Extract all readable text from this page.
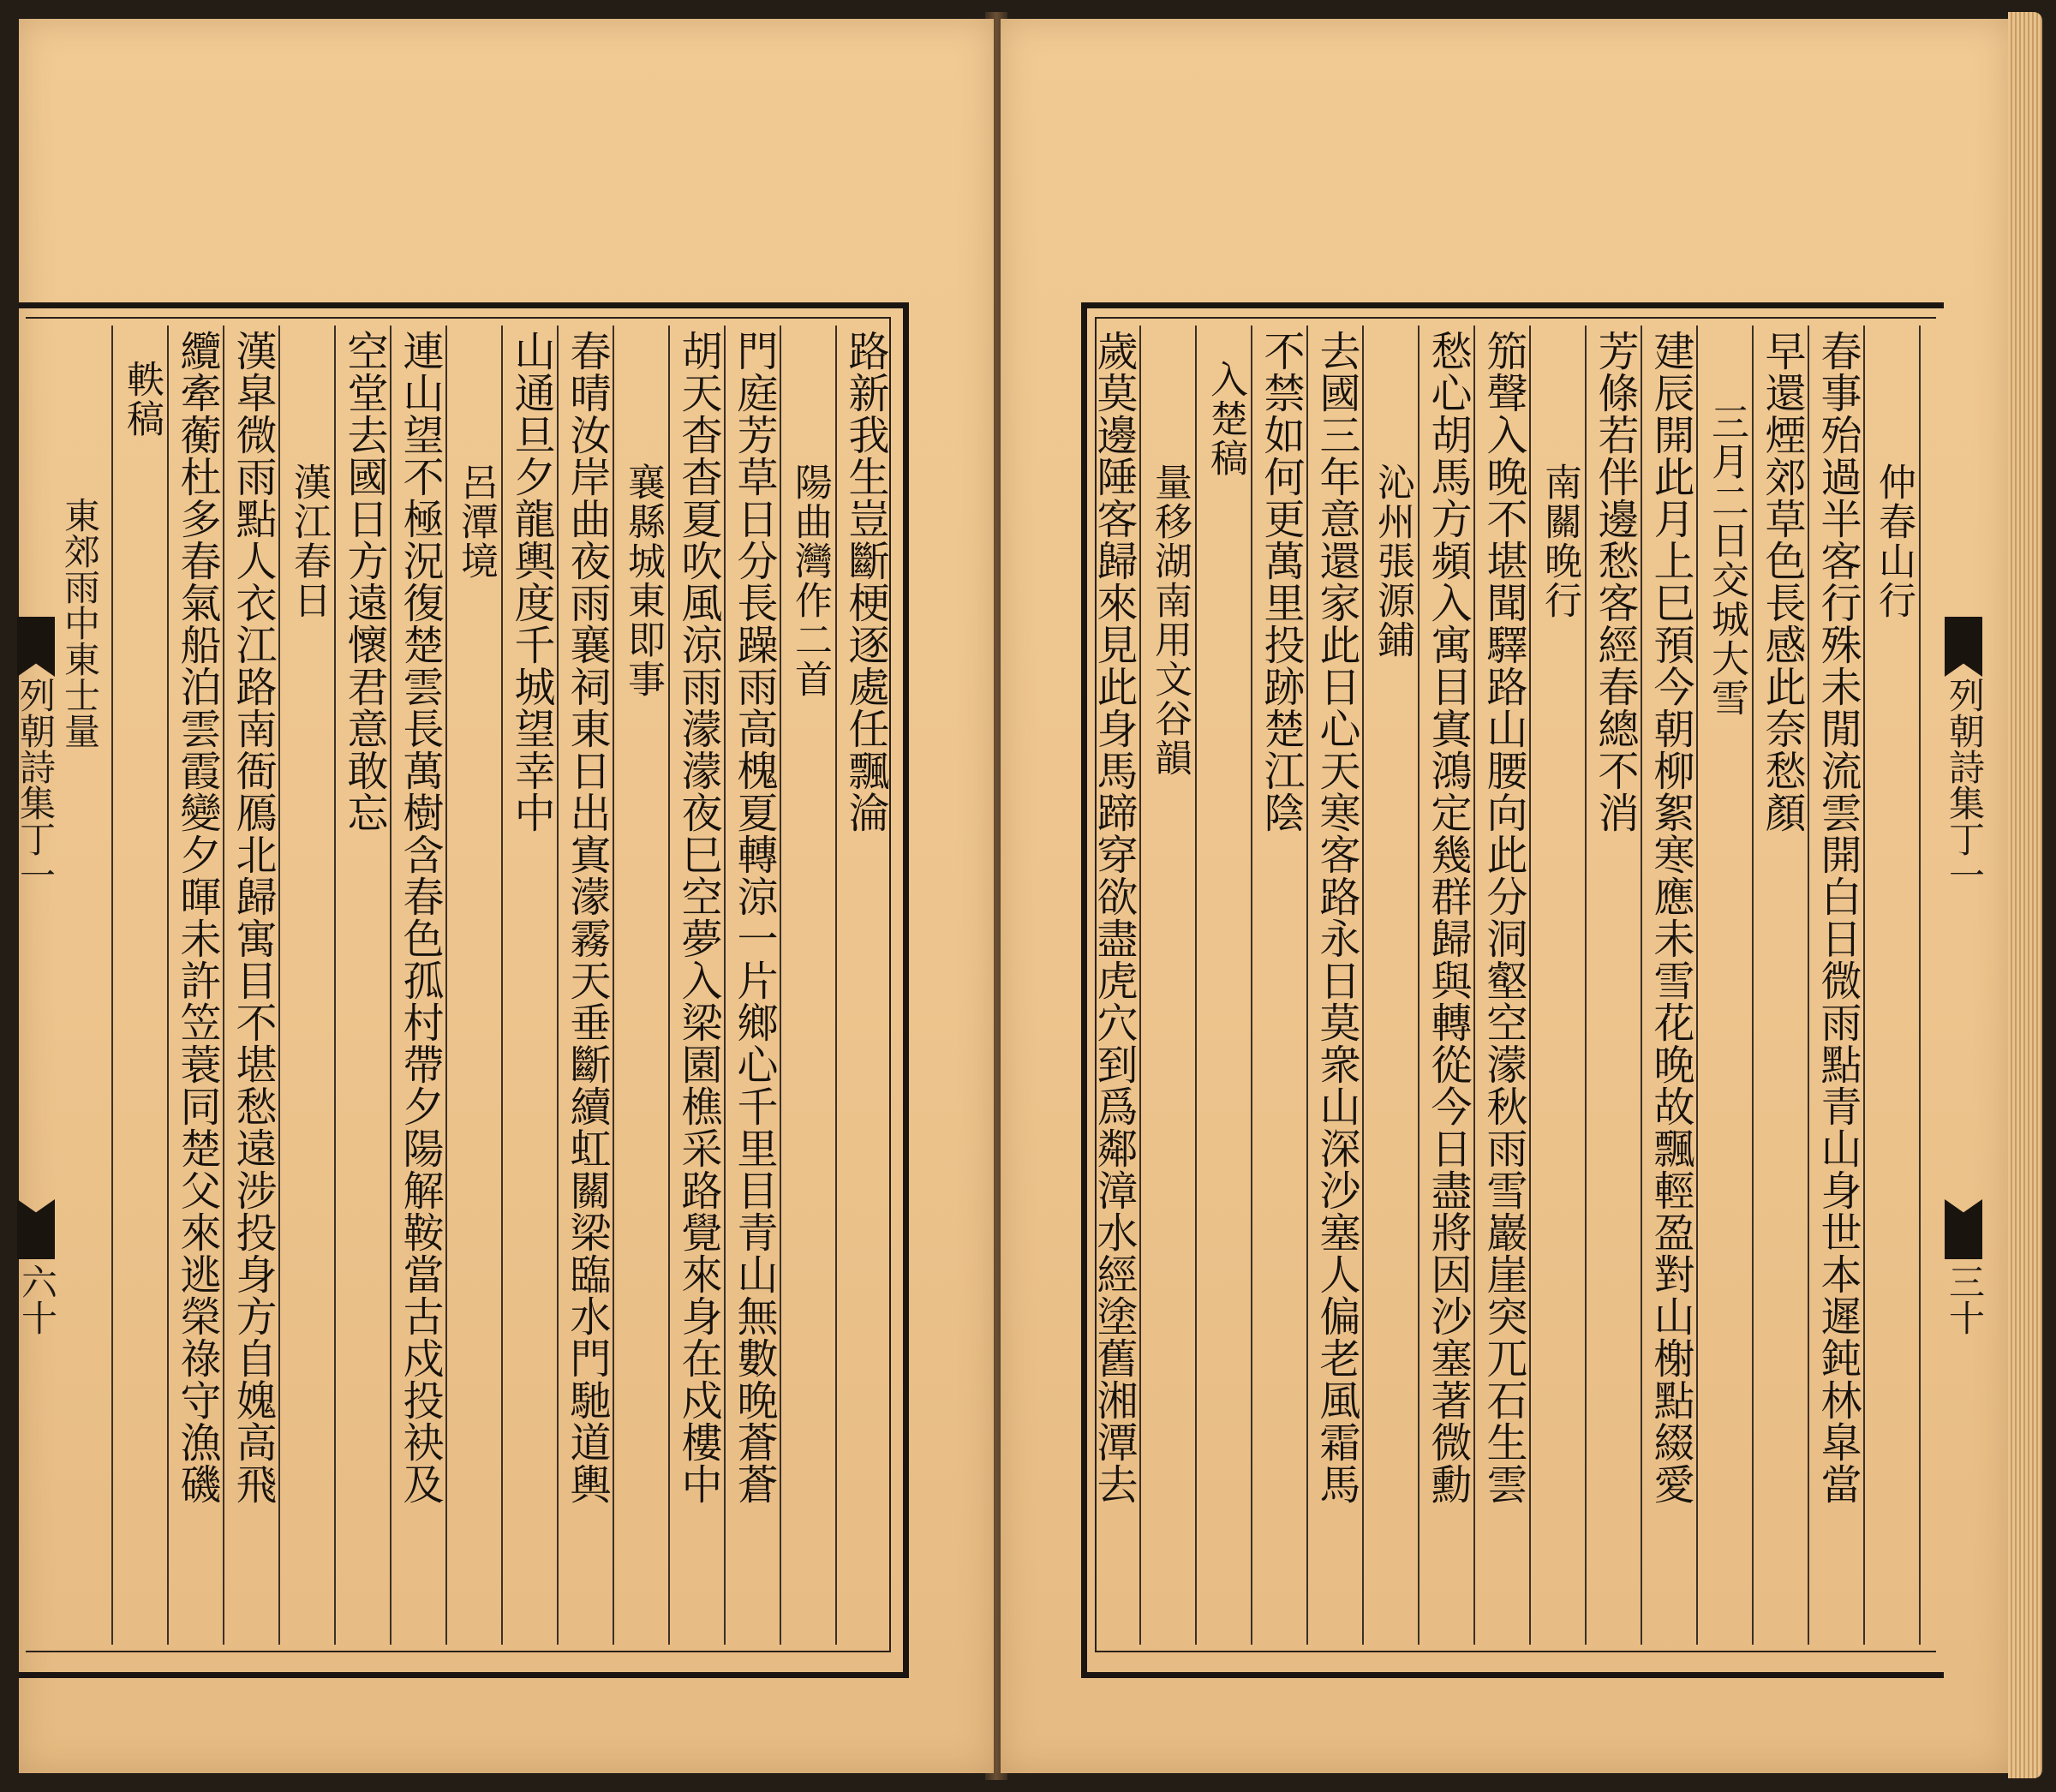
路新我生豈斷梗逐處任飄淪
陽曲灣作二首
門庭芳草日分長躁雨高槐夏轉涼一片鄉心千里目青山無數晚蒼蒼
胡天杳杳夏吹風涼雨濛濛夜巳空夢入梁園樵采路覺來身在戍樓中
襄縣城東即事
春晴汝岸曲夜雨襄祠東日出寘濛霧天垂斷續虹關梁臨水門馳道輿
山通旦夕龍輿度千城望幸中
呂潭境
連山望不極況復楚雲長萬樹含春色孤村帶夕陽解鞍當古戍投袂及
空堂去國日方遠懷君意敢忘
漢江春日
漢皐微雨點人衣江路南衙鴈北歸寓目不堪愁遠涉投身方自媿高飛
纜牽蘅杜多春氣船泊雲霞變夕暉未許笠蓑同楚父來逃榮祿守漁磯
軼稿
東郊雨中東士量
列朝詩集丁一
六十
仲春山行
春事殆過半客行殊未閒流雲開白日微雨點青山身世本遲鈍林皐當
早還煙郊草色長感此奈愁顏
三月二日交城大雪
建辰開此月上巳預今朝柳絮寒應未雪花晚故飄輕盈對山榭點綴愛
芳條若伴邊愁客經春總不消
南關晚行
笳聲入晚不堪聞驛路山腰向此分洞壑空濛秋雨雪巖崖突兀石生雲
愁心胡馬方頻入寓目寘鴻定幾群歸與轉從今日盡將因沙塞著微勳
沁州張源鋪
去國三年意還家此日心天寒客路永日莫衆山深沙塞人偏老風霜馬
不禁如何更萬里投跡楚江陰
入楚稿
量移湖南用文谷韻
歲莫邊陲客歸來見此身馬蹄穿欲盡虎穴到爲鄰漳水經塗舊湘潭去	列朝詩集丁一
三十
